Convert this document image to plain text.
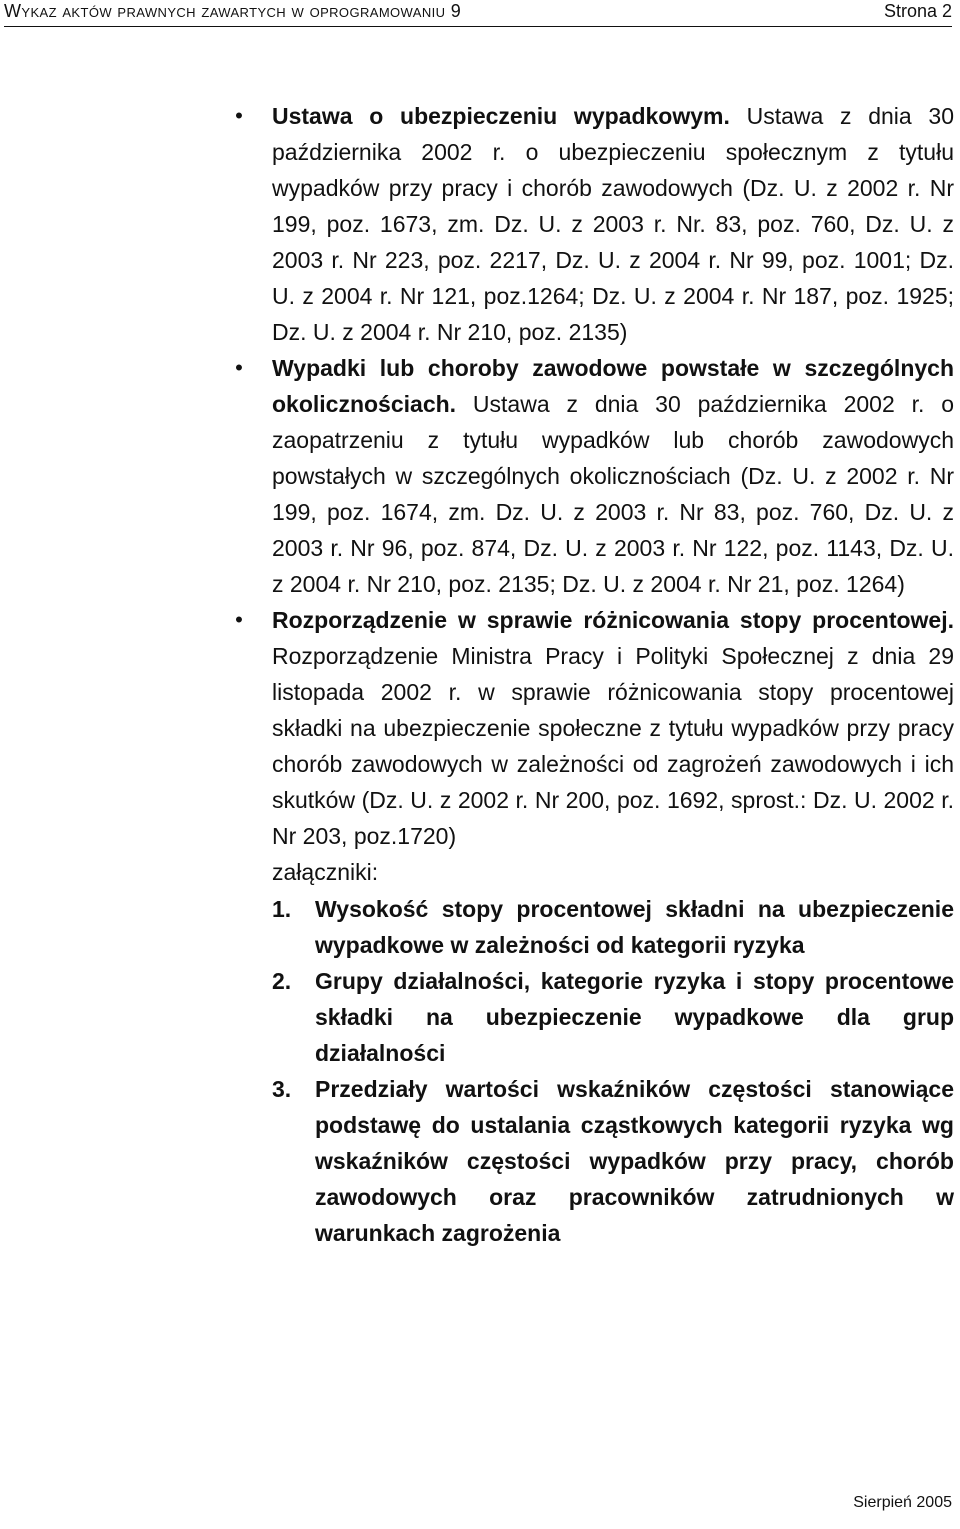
Wykaz aktów prawnych zawartych w oprogramowaniu 9	Strona 2
• Ustawa o ubezpieczeniu wypadkowym. Ustawa z dnia 30 października 2002 r. o ubezpieczeniu społecznym z tytułu wypadków przy pracy i chorób zawodowych (Dz. U. z 2002 r. Nr 199, poz. 1673, zm. Dz. U. z 2003 r. Nr. 83, poz. 760, Dz. U. z 2003 r. Nr 223, poz. 2217, Dz. U. z 2004 r. Nr 99, poz. 1001; Dz. U. z 2004 r. Nr 121, poz.1264; Dz. U. z 2004 r. Nr 187, poz. 1925; Dz. U. z 2004 r. Nr 210, poz. 2135)
• Wypadki lub choroby zawodowe powstałe w szczególnych okolicznościach. Ustawa z dnia 30 października 2002 r. o zaopatrzeniu z tytułu wypadków lub chorób zawodowych powstałych w szczególnych okolicznościach (Dz. U. z 2002 r. Nr 199, poz. 1674, zm. Dz. U. z 2003 r. Nr 83, poz. 760, Dz. U. z 2003 r. Nr 96, poz. 874, Dz. U. z 2003 r. Nr 122, poz. 1143, Dz. U. z 2004 r. Nr 210, poz. 2135; Dz. U. z 2004 r. Nr 21, poz. 1264)
• Rozporządzenie w sprawie różnicowania stopy procentowej. Rozporządzenie Ministra Pracy i Polityki Społecznej z dnia 29 listopada 2002 r. w sprawie różnicowania stopy procentowej składki na ubezpieczenie społeczne z tytułu wypadków przy pracy chorób zawodowych w zależności od zagrożeń zawodowych i ich skutków (Dz. U. z 2002 r. Nr 200, poz. 1692, sprost.: Dz. U. 2002 r. Nr 203, poz.1720)
załączniki:
1. Wysokość stopy procentowej składni na ubezpieczenie wypadkowe w zależności od kategorii ryzyka
2. Grupy działalności, kategorie ryzyka i stopy procentowe składki na ubezpieczenie wypadkowe dla grup działalności
3. Przedziały wartości wskaźników częstości stanowiące podstawę do ustalania cząstkowych kategorii ryzyka wg wskaźników częstości wypadków przy pracy, chorób zawodowych oraz pracowników zatrudnionych w warunkach zagrożenia
Sierpień 2005
